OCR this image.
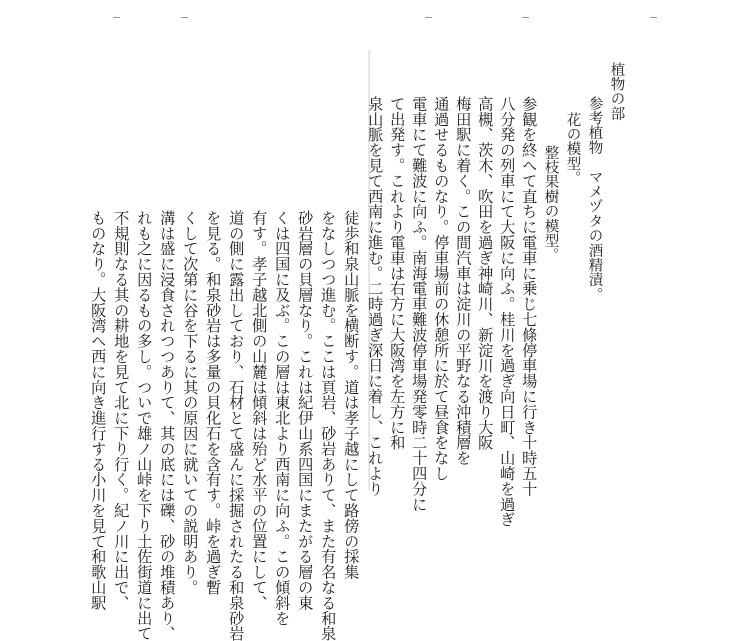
徒歩和泉山脈を横断す。道は孝子越にして路傍の採集
をなしつつ進む。ここは頁岩、砂岩ありて、また有名なる和泉
砂岩層の貝層なり。これは紀伊山系四国にまたがる層の東
くは四国に及ぶ。この層は東北より西南に向ふ。この傾斜を
有す。孝子越北側の山麓は傾斜は殆ど水平の位置にして、
道の側に露出しており、石材とて盛んに採掘されたる和泉砂岩
を見る。和泉砂岩は多量の貝化石を含有す。峠を過ぎ暫
くして次第に谷を下るに其の原因に就いての説明あり。
溝は盛に浸食されつつありて、其の底には礫、砂の堆積あり、
れも之に因るもの多し。ついで雄ノ山峠を下り土佐街道に出て
不規則なる其の耕地を見て北に下り行く。紀ノ川に出で、
ものなり。大阪湾へ西に向き進行する小川を見て和歌山駅
植物の部
参考植物　マメヅタの酒精漬。
花の模型。
整枝果樹の模型。
参観を終へて直ちに電車に乗じ七條停車場に行き十時五十
八分発の列車にて大阪に向ふ。桂川を過ぎ向日町、山崎を過ぎ
高槻、茨木、吹田を過ぎ神崎川、新淀川を渡り大阪
梅田駅に着く。この間汽車は淀川の平野なる沖積層を
通過せるものなり。停車場前の休憩所に於て昼食をなし
電車にて難波に向ふ。南海電車難波停車場発零時二十四分に
て出発す。これより電車は右方に大阪湾を左方に和
泉山脈を見て西南に進む。二時過ぎ深日に着し、これより
